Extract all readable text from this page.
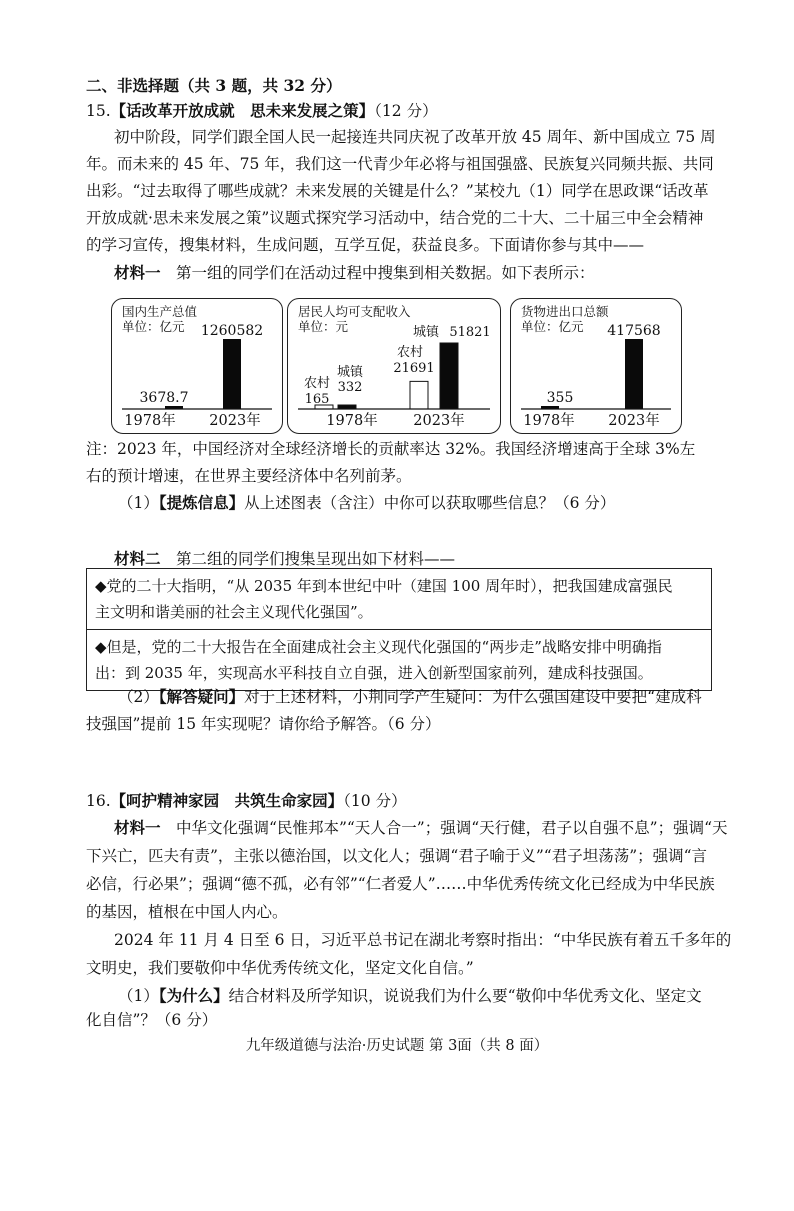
二、非选择题（共 3 题，共 32 分）
15.【话改革开放成就　思未来发展之策】（12 分）
初中阶段，同学们跟全国人民一起接连共同庆祝了改革开放 45 周年、新中国成立 75 周
年。而未来的 45 年、75 年，我们这一代青少年必将与祖国强盛、民族复兴同频共振、共同
出彩。“过去取得了哪些成就？未来发展的关键是什么？”某校九（1）同学在思政课“话改革
开放成就·思未来发展之策”议题式探究学习活动中，结合党的二十大、二十届三中全会精神
的学习宣传，搜集材料，生成问题，互学互促，获益良多。下面请你参与其中——
材料一　 第一组的同学们在活动过程中搜集到相关数据。如下表所示：
国内生产总值
单位：亿元
3678.7
1260582
1978年 2023年
居民人均可支配收入
单位：元
农村
165
城镇
332
农村
21691
城镇 51821
1978年 2023年
货物进出口总额
单位：亿元
355
417568
1978年 2023年
注：2023 年，中国经济对全球经济增长的贡献率达 32%。我国经济增速高于全球 3%左
右的预计增速，在世界主要经济体中名列前茅。
（1）【提炼信息】从上述图表（含注）中你可以获取哪些信息？（6 分）
材料二　 第二组的同学们搜集呈现出如下材料——
◆党的二十大指明，“从 2035 年到本世纪中叶（建国 100 周年时），把我国建成富强民
主文明和谐美丽的社会主义现代化强国”。
◆但是，党的二十大报告在全面建成社会主义现代化强国的“两步走”战略安排中明确指
出：到 2035 年，实现高水平科技自立自强，进入创新型国家前列，建成科技强国。
（2）【解答疑问】对于上述材料，小荆同学产生疑问：为什么强国建设中要把“建成科
技强国”提前 15 年实现呢？请你给予解答。（6 分）
16.【呵护精神家园　共筑生命家园】（10 分）
材料一　 中华文化强调“民惟邦本”“天人合一”；强调“天行健，君子以自强不息”；强调“天
下兴亡，匹夫有责”，主张以德治国，以文化人；强调“君子喻于义”“君子坦荡荡”；强调“言
必信，行必果”；强调“德不孤，必有邻”“仁者爱人”……中华优秀传统文化已经成为中华民族
的基因，植根在中国人内心。
2024 年 11 月 4 日至 6 日，习近平总书记在湖北考察时指出：“中华民族有着五千多年的
文明史，我们要敬仰中华优秀传统文化，坚定文化自信。”
（1）【为什么】结合材料及所学知识，说说我们为什么要“敬仰中华优秀文化、坚定文
化自信”？（6 分）
九年级道德与法治·历史试题 第 3面（共 8 面）
